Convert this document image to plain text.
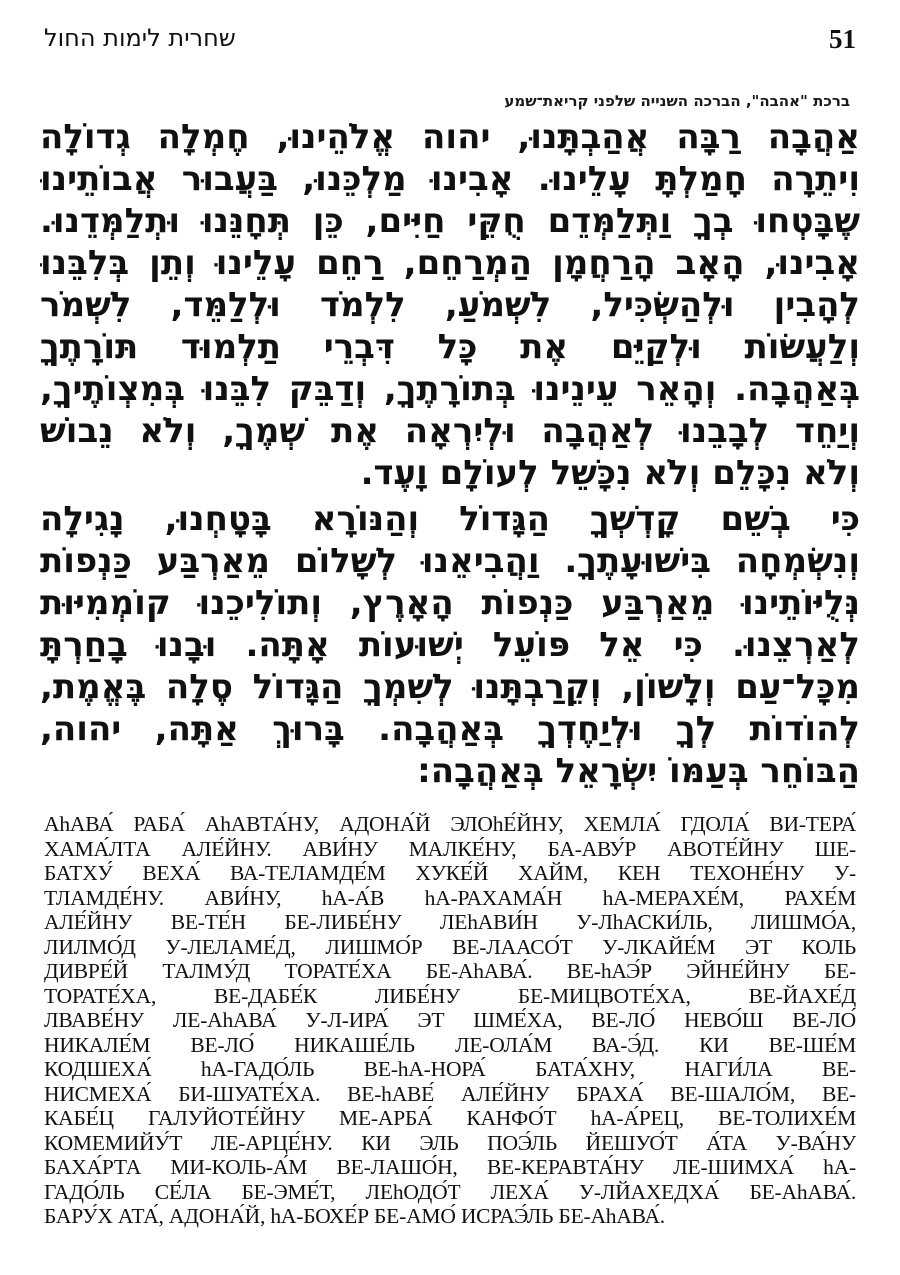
51
שחרית לימות החול
ברכת "אהבה", הברכה השנייה שלפני קריאת־שמע
אַהֲבָה רַבָּה אֲהַבְתָּנוּ, יהוה אֱלֹהֵינוּ, חֶמְלָה גְדוֹלָה
וִיתֵרָה חָמַלְתָּ עָלֵינוּ. אָבִינוּ מַלְכֵּנוּ, בַּעֲבוּר אֲבוֹתֵינוּ
שֶׁבָּטְחוּ בְךָ וַתְּלַמְּדֵם חֻקֵּי חַיִּים, כֵּן תְּחָנֵּנוּ וּתְלַמְּדֵנוּ.
אָבִינוּ, הָאָב הָרַחֲמָן הַמְרַחֵם, רַחֵם עָלֵינוּ וְתֵן בְּלִבֵּנוּ
לְהָבִין וּלְהַשְׂכִּיל, לִשְׁמֹעַ, לִלְמֹד וּלְלַמֵּד, לִשְׁמֹר
וְלַעֲשׂוֹת וּלְקַיֵּם אֶת כָּל דִּבְרֵי תַלְמוּד תּוֹרָתֶךָ
בְּאַהֲבָה. וְהָאֵר עֵינֵינוּ בְּתוֹרָתֶךָ, וְדַבֵּק לִבֵּנוּ בְּמִצְוֹתֶיךָ,
וְיַחֵד לְבָבֵנוּ לְאַהֲבָה וּלְיִרְאָה אֶת שְׁמֶךָ, וְלֹא נֵבוֹשׁ
וְלֹא נִכָּלֵם וְלֹא נִכָּשֵׁל לְעוֹלָם וָעֶד.
כִּי בְשֵׁם קָדְשְׁךָ הַגָּדוֹל וְהַנּוֹרָא בָּטָחְנוּ, נָגִילָה
וְנִשְׂמְחָה בִּישׁוּעָתֶךָ. וַהֲבִיאֵנוּ לְשָׁלוֹם מֵאַרְבַּע כַּנְפוֹת
נְּלֻיּוֹתֵינוּ מֵאַרְבַּע כַּנְפוֹת הָאָרֶץ, וְתוֹלִיכֵנוּ קוֹמְמִיּוּת
לְאַרְצֵנוּ. כִּי אֵל פּוֹעֵל יְשׁוּעוֹת אָתָּה. וּבָנוּ בָחַרְתָּ
מִכָּל־עַם וְלָשׁוֹן, וְקֵרַבְתָּנוּ לְשִׁמְךָ הַגָּדוֹל סֶלָה בֶּאֱמֶת,
לְהוֹדוֹת לְךָ וּלְיַחֶדְךָ בְּאַהֲבָה. בָּרוּךְ אַתָּה, יהוה,
הַבּוֹחֵר בְּעַמּוֹ יִשְׂרָאֵל בְּאַהֲבָה:
АhАВА́ РАБА́ АhАВТА́НУ, АДОНА́Й ЭЛОhЕ́ЙНУ, ХЕМЛА́ ГДОЛА́ ВИ-ТЕРА́
ХАМА́ЛТА АЛЕ́ЙНУ. АВИ́НУ МАЛКЕ́НУ, БА-АВУ́Р АВОТЕ́ЙНУ ШЕ-
БАТХУ́ ВЕХА́ ВА-ТЕЛАМДЕ́М ХУКЕ́Й ХАЙМ, КЕН ТЕХОНЕ́НУ У-
ТЛАМДЕ́НУ. АВИ́НУ, hА-А́В hА-РАХАМА́Н hА-МЕРАХЕ́М, РАХЕ́М
АЛЕ́ЙНУ ВЕ-ТЕ́Н БЕ-ЛИБЕ́НУ ЛЕhАВИ́Н У-ЛhАСКИ́ЛЬ, ЛИШМО́А,
ЛИЛМО́Д У-ЛЕЛАМЕ́Д, ЛИШМО́Р ВЕ-ЛААСО́Т У-ЛКАЙЕ́М ЭТ КОЛЬ
ДИВРЕ́Й ТАЛМУ́Д ТОРАТЕ́ХА БЕ-АhАВА́. ВЕ-hАЭ́Р ЭЙНЕ́ЙНУ БЕ-
ТОРАТЕ́ХА, ВЕ-ДАБЕ́К ЛИБЕ́НУ БЕ-МИЦВОТЕ́ХА, ВЕ-ЙАХЕ́Д
ЛВАВЕ́НУ ЛЕ-АhАВА́ У-Л-ИРА́ ЭТ ШМЕ́ХА, ВЕ-ЛО́ НЕВО́Ш ВЕ-ЛО́
НИКАЛЕ́М ВЕ-ЛО́ НИКАШЕ́ЛЬ ЛЕ-ОЛА́М ВА-Э́Д. КИ ВЕ-ШЕ́М
КОДШЕХА́ hА-ГАДО́ЛЬ ВЕ-hА-НОРА́ БАТА́ХНУ, НАГИ́ЛА ВЕ-
НИСМЕХА́ БИ-ШУАТЕ́ХА. ВЕ-hАВЕ́ АЛЕ́ЙНУ БРАХА́ ВЕ-ШАЛО́М, ВЕ-
КАБЕ́Ц ГАЛУЙОТЕ́ЙНУ МЕ-АРБА́ КАНФО́Т hА-А́РЕЦ, ВЕ-ТОЛИХЕ́М
КОМЕМИЙУ́Т ЛЕ-АРЦЕ́НУ. КИ ЭЛЬ ПОЭ́ЛЬ ЙЕШУО́Т А́ТА У-ВА́НУ
БАХА́РТА МИ-КОЛЬ-А́М ВЕ-ЛАШО́Н, ВЕ-КЕРАВТА́НУ ЛЕ-ШИМХА́ hА-
ГАДО́ЛЬ СЕ́ЛА БЕ-ЭМЕ́Т, ЛЕhОДО́Т ЛЕХА́ У-ЛЙАХЕДХА́ БЕ-АhАВА́.
БАРУ́Х АТА́, АДОНА́Й, hА-БОХЕ́Р БЕ-АМО́ ИСРАЭ́ЛЬ БЕ-АhАВА́.
